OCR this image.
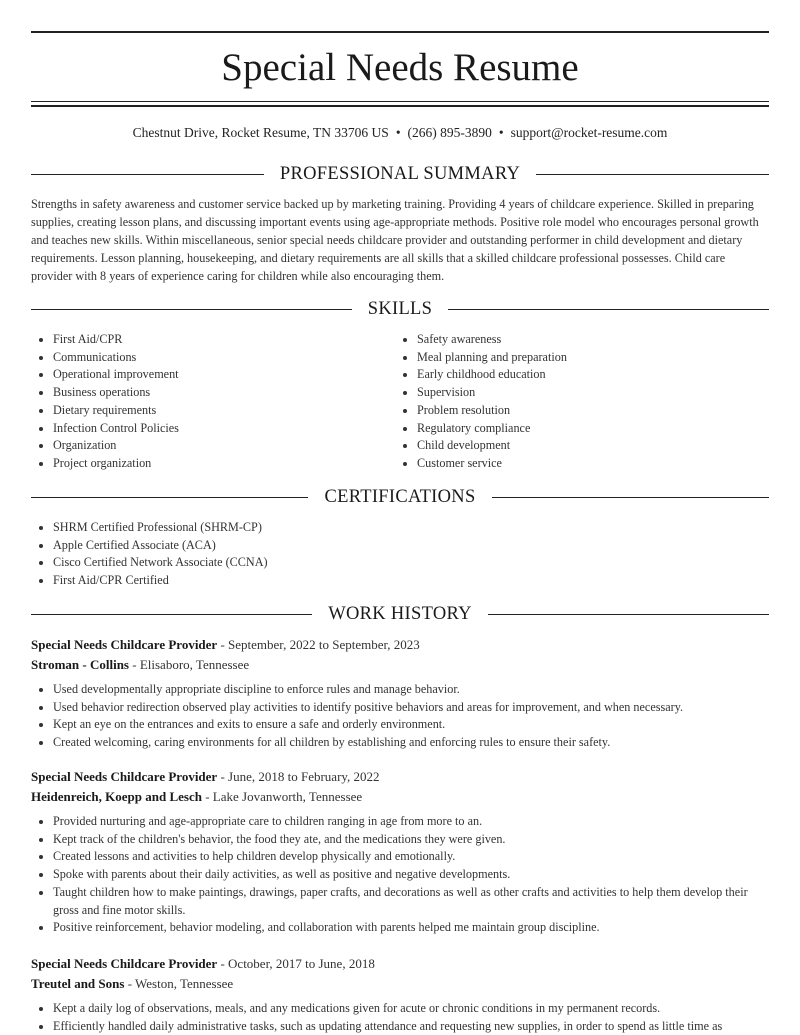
Special Needs Resume
Chestnut Drive, Rocket Resume, TN 33706 US • (266) 895-3890 • support@rocket-resume.com
PROFESSIONAL SUMMARY

Strengths in safety awareness and customer service backed up by marketing training. Providing 4 years of childcare experience. Skilled in preparing supplies, creating lesson plans, and discussing important events using age-appropriate methods. Positive role model who encourages personal growth and teaches new skills. Within miscellaneous, senior special needs childcare provider and outstanding performer in child development and dietary requirements. Lesson planning, housekeeping, and dietary requirements are all skills that a skilled childcare professional possesses. Child care provider with 8 years of experience caring for children while also encouraging them.

SKILLS
• First Aid/CPR
• Communications
• Operational improvement
• Business operations
• Dietary requirements
• Infection Control Policies
• Organization
• Project organization
• Safety awareness
• Meal planning and preparation
• Early childhood education
• Supervision
• Problem resolution
• Regulatory compliance
• Child development
• Customer service
CERTIFICATIONS
• SHRM Certified Professional (SHRM-CP)
• Apple Certified Associate (ACA)
• Cisco Certified Network Associate (CCNA)
• First Aid/CPR Certified
WORK HISTORY
Special Needs Childcare Provider - September, 2022 to September, 2023
Stroman - Collins - Elisaboro, Tennessee
• Used developmentally appropriate discipline to enforce rules and manage behavior.
• Used behavior redirection observed play activities to identify positive behaviors and areas for improvement, and when necessary.
• Kept an eye on the entrances and exits to ensure a safe and orderly environment.
• Created welcoming, caring environments for all children by establishing and enforcing rules to ensure their safety.
Special Needs Childcare Provider - June, 2018 to February, 2022
Heidenreich, Koepp and Lesch - Lake Jovanworth, Tennessee
• Provided nurturing and age-appropriate care to children ranging in age from more to an.
• Kept track of the children's behavior, the food they ate, and the medications they were given.
• Created lessons and activities to help children develop physically and emotionally.
• Spoke with parents about their daily activities, as well as positive and negative developments.
• Taught children how to make paintings, drawings, paper crafts, and decorations as well as other crafts and activities to help them develop their gross and fine motor skills.
• Positive reinforcement, behavior modeling, and collaboration with parents helped me maintain group discipline.
Special Needs Childcare Provider - October, 2017 to June, 2018
Treutel and Sons - Weston, Tennessee
• Kept a daily log of observations, meals, and any medications given for acute or chronic conditions in my permanent records.
• Efficiently handled daily administrative tasks, such as updating attendance and requesting new supplies, in order to spend as little time as
